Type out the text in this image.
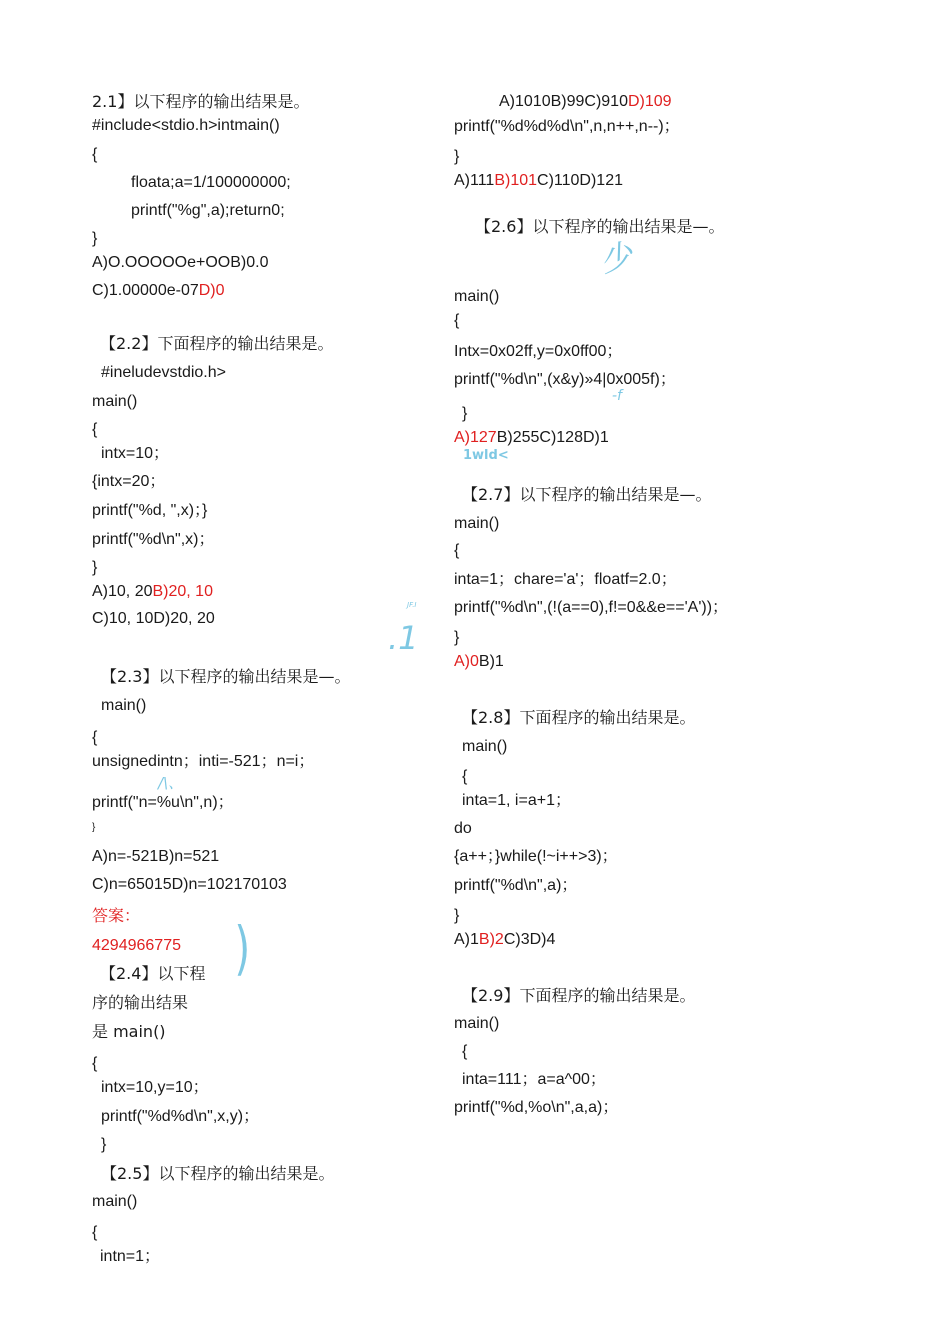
2.1】以下程序的输出结果是。
#include<stdio.h>intmain()
{
floata;a=1/100000000;
printf("%g",a);return0;
}
A)O.OOOOOe+OOB)0.0
C)1.00000e-07D)0
【2.2】下面程序的输出结果是。
#ineludevstdio.h>
main()
{
intx=10；
{intx=20；
printf("%d, ",x)；}
printf("%d\n",x)；
}
A)10, 20B)20, 10
C)10, 10D)20, 20
【2.3】以下程序的输出结果是—。
main()
{
unsignedintn；inti=-521；n=i；
printf("n=%u\n",n)；
}
A)n=-521B)n=521
C)n=65015D)n=102170103
答案：
4294966775
【2.4】以下程
序的输出结果
是 main()
{
intx=10,y=10；
printf("%d%d\n",x,y)；
}
【2.5】以下程序的输出结果是。
main()
{
intn=1；
A)1010B)99C)910D)109
printf("%d%d%d\n",n,n++,n--)；
}
A)111B)101C)110D)121
【2.6】以下程序的输出结果是—。
main()
{
Intx=0x02ff,y=0x0ff00；
printf("%d\n",(x&y)»4|0x005f)；
}
A)127B)255C)128D)1
【2.7】以下程序的输出结果是—。
main()
{
inta=1；chare='a'；floatf=2.0；
printf("%d\n",(!(a==0),f!=0&&e=='A'))；
}
A)0B)1
【2.8】下面程序的输出结果是。
main()
{
inta=1, i=a+1；
do
{a++；}while(!~i++>3)；
printf("%d\n",a)；
}
A)1B)2C)3D)4
【2.9】下面程序的输出结果是。
main()
{
inta=111；a=a^00；
printf("%d,%o\n",a,a)；
少
-f
1wld<
JF.I
.1
/\、
)
